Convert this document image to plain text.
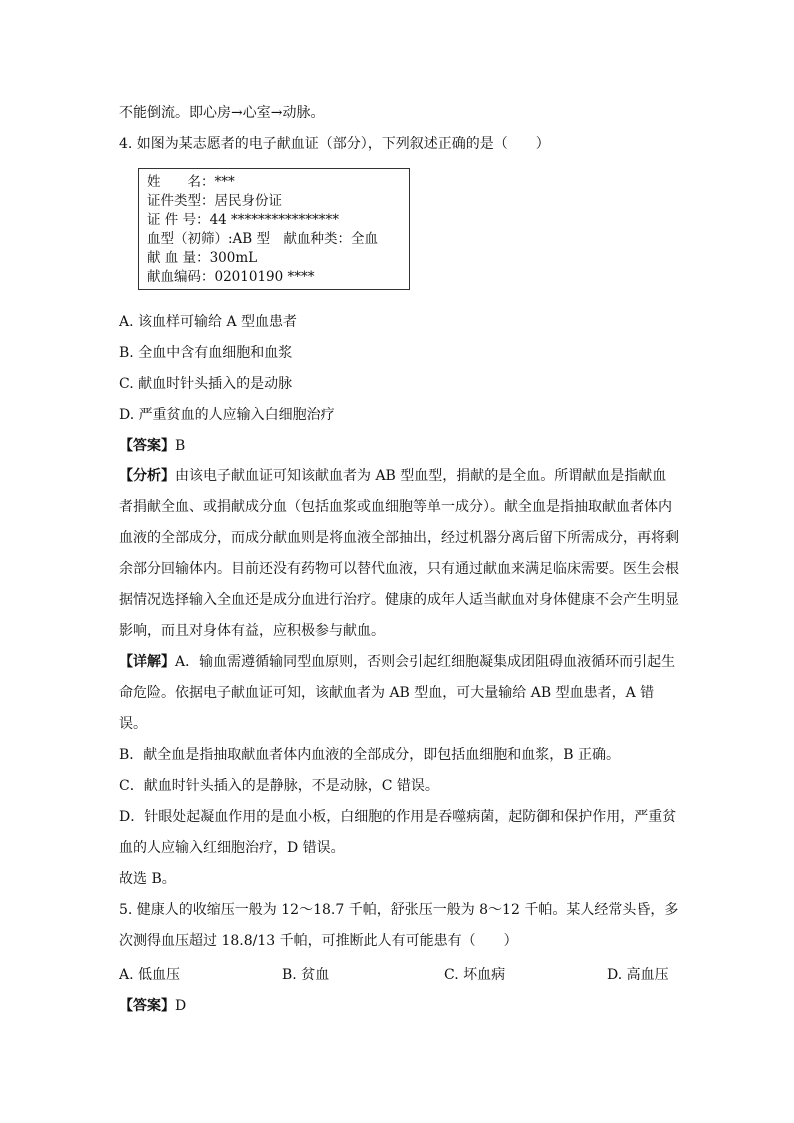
不能倒流。即心房→心室→动脉。
4. 如图为某志愿者的电子献血证（部分），下列叙述正确的是（　　）
姓　　名：***
证件类型：居民身份证
证 件 号：44 ****************
血型（初筛）:AB 型　献血种类：全血
献 血 量：300mL
献血编码：02010190 ****
A. 该血样可输给 A 型血患者
B. 全血中含有血细胞和血浆
C. 献血时针头插入的是动脉
D. 严重贫血的人应输入白细胞治疗
【答案】B

【分析】由该电子献血证可知该献血者为 AB 型血型，捐献的是全血。所谓献血是指献血者捐献全血、或捐献成分血（包括血浆或血细胞等单一成分）。献全血是指抽取献血者体内血液的全部成分，而成分献血则是将血液全部抽出，经过机器分离后留下所需成分，再将剩余部分回输体内。目前还没有药物可以替代血液，只有通过献血来满足临床需要。医生会根据情况选择输入全血还是成分血进行治疗。健康的成年人适当献血对身体健康不会产生明显影响，而且对身体有益，应积极参与献血。

【详解】A．输血需遵循输同型血原则，否则会引起红细胞凝集成团阻碍血液循环而引起生命危险。依据电子献血证可知，该献血者为 AB 型血，可大量输给 AB 型血患者，A 错误。

B．献全血是指抽取献血者体内血液的全部成分，即包括血细胞和血浆，B 正确。

C．献血时针头插入的是静脉，不是动脉，C 错误。

D．针眼处起凝血作用的是血小板，白细胞的作用是吞噬病菌，起防御和保护作用，严重贫血的人应输入红细胞治疗，D 错误。

故选 B。

5. 健康人的收缩压一般为 12～18.7 千帕，舒张压一般为 8～12 千帕。某人经常头昏，多次测得血压超过 18.8/13 千帕，可推断此人有可能患有（　　）
A. 低血压	B. 贫血	C. 坏血病	D. 高血压
【答案】D
